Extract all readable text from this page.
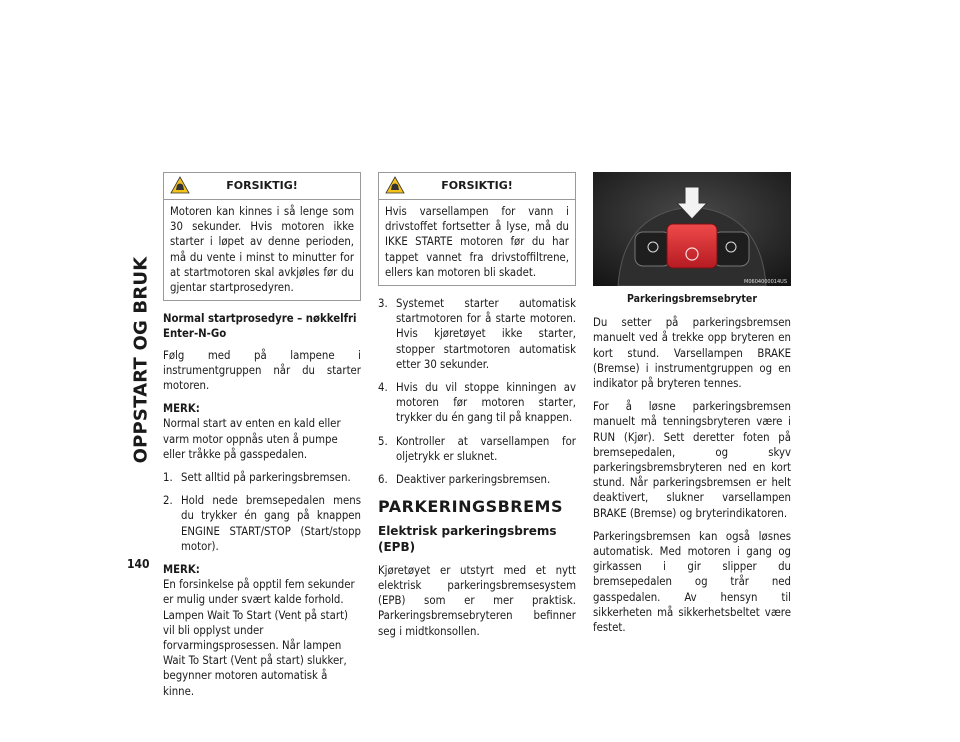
OPPSTART OG BRUK
140
FORSIKTIG!
Motoren kan kinnes i så lenge som 30 sekunder. Hvis motoren ikke starter i løpet av denne perioden, må du vente i minst to minutter for at startmotoren skal avkjøles før du gjentar startprosedyren.
Normal startprosedyre – nøkkelfri
Enter-N-Go

Følg med på lampene i instrumentgruppen når du starter motoren.

MERK:
Normal start av enten en kald eller varm motor oppnås uten å pumpe eller tråkke på gasspedalen.
1. Sett alltid på parkeringsbremsen.
2. Hold nede bremsepedalen mens du trykker én gang på knappen ENGINE START/STOP (Start/stopp motor).
MERK:
En forsinkelse på opptil fem sekunder er mulig under svært kalde forhold. Lampen Wait To Start (Vent på start) vil bli opplyst under forvarmingsprosessen. Når lampen Wait To Start (Vent på start) slukker, begynner motoren automatisk å kinne.
FORSIKTIG!
Hvis varsellampen for vann i drivstoffet fortsetter å lyse, må du IKKE STARTE motoren før du har tappet vannet fra drivstoffiltrene, ellers kan motoren bli skadet.
3. Systemet starter automatisk startmotoren for å starte motoren. Hvis kjøretøyet ikke starter, stopper startmotoren automatisk etter 30 sekunder.
4. Hvis du vil stoppe kinningen av motoren før motoren starter, trykker du én gang til på knappen.
5. Kontroller at varsellampen for oljetrykk er sluknet.
6. Deaktiver parkeringsbremsen.
PARKERINGSBREMS
Elektrisk parkeringsbrems (EPB)

Kjøretøyet er utstyrt med et nytt elektrisk parkeringsbremsesystem (EPB) som er mer praktisk. Parkeringsbremsebryteren befinner seg i midtkonsollen.

M0604000014US
Parkeringsbremsebryter

Du setter på parkeringsbremsen manuelt ved å trekke opp bryteren en kort stund. Varsellampen BRAKE (Bremse) i instrumentgruppen og en indikator på bryteren tennes.

For å løsne parkeringsbremsen manuelt må tenningsbryteren være i RUN (Kjør). Sett deretter foten på bremsepedalen, og skyv parkeringsbremsbryteren ned en kort stund. Når parkeringsbremsen er helt deaktivert, slukner varsellampen BRAKE (Bremse) og bryterindikatoren.

Parkeringsbremsen kan også løsnes automatisk. Med motoren i gang og girkassen i gir slipper du bremsepedalen og trår ned gasspedalen. Av hensyn til sikkerheten må sikkerhetsbeltet være festet.
